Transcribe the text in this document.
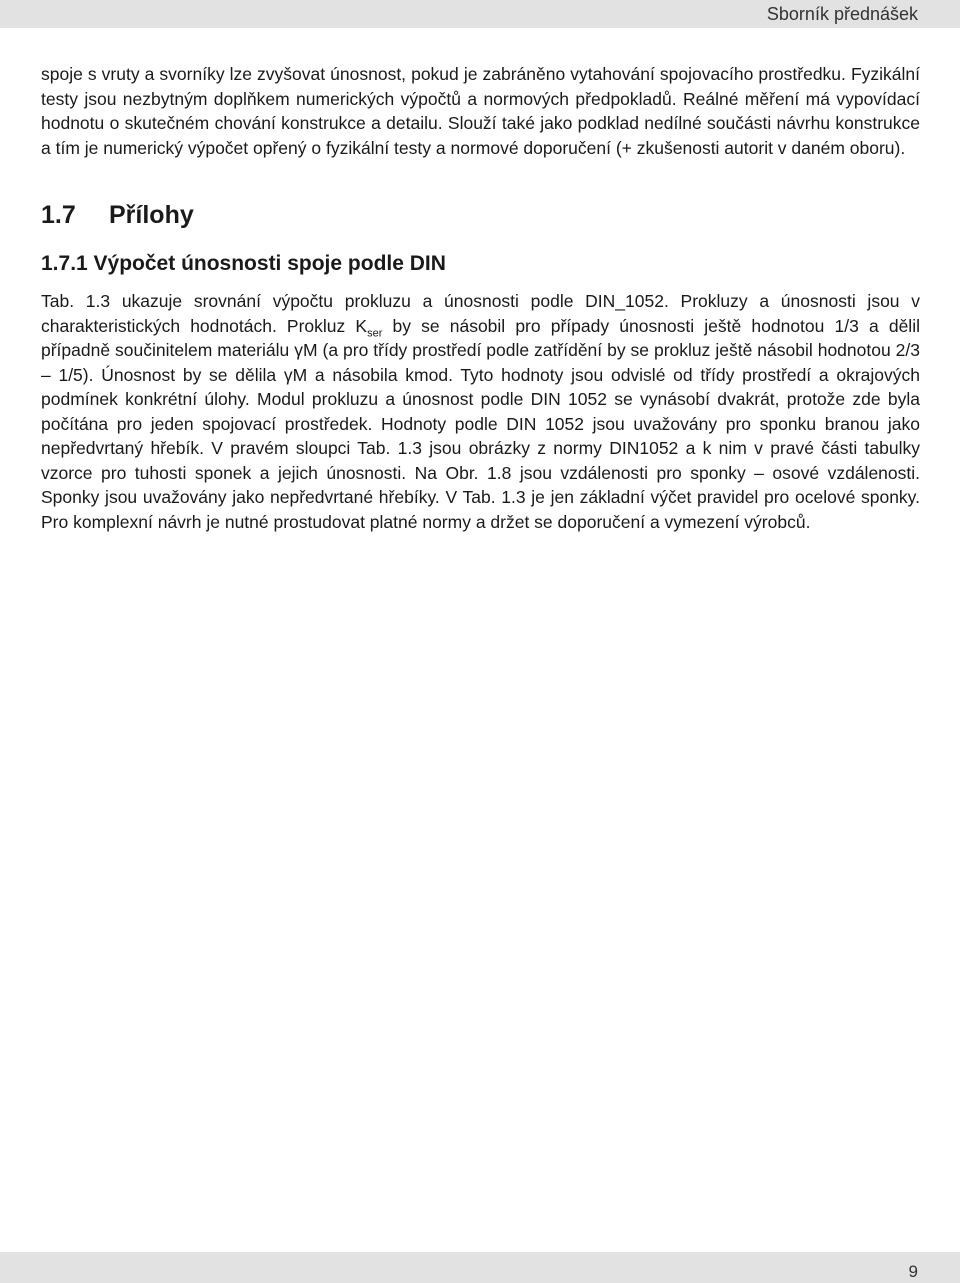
Sborník přednášek

spoje s vruty a svorníky lze zvyšovat únosnost, pokud je zabráněno vytahování spojovacího prostředku. Fyzikální testy jsou nezbytným doplňkem numerických výpočtů a normových předpokladů. Reálné měření má vypovídací hodnotu o skutečném chování konstrukce a detailu. Slouží také jako podklad nedílné součásti návrhu konstrukce a tím je numerický výpočet opřený o fyzikální testy a normové doporučení (+ zkušenosti autorit v daném oboru).

1.7 Přílohy
1.7.1 Výpočet únosnosti spoje podle DIN

Tab. 1.3 ukazuje srovnání výpočtu prokluzu a únosnosti podle DIN_1052. Prokluzy a únosnosti jsou v charakteristických hodnotách. Prokluz $K_{ser}$ by se násobil pro případy únosnosti ještě hodnotou 1/3 a dělil případně součinitelem materiálu γM (a pro třídy prostředí podle zatřídění by se prokluz ještě násobil hodnotou 2/3 – 1/5). Únosnost by se dělila γM a násobila kmod. Tyto hodnoty jsou odvislé od třídy prostředí a okrajových podmínek konkrétní úlohy. Modul prokluzu a únosnost podle DIN 1052 se vynásobí dvakrát, protože zde byla počítána pro jeden spojovací prostředek. Hodnoty podle DIN 1052 jsou uvažovány pro sponku branou jako nepředvrtaný hřebík. V pravém sloupci Tab. 1.3 jsou obrázky z normy DIN1052 a k nim v pravé části tabulky vzorce pro tuhosti sponek a jejich únosnosti. Na Obr. 1.8 jsou vzdálenosti pro sponky – osové vzdálenosti. Sponky jsou uvažovány jako nepředvrtané hřebíky. V Tab. 1.3 je jen základní výčet pravidel pro ocelové sponky. Pro komplexní návrh je nutné prostudovat platné normy a držet se doporučení a vymezení výrobců.

9
